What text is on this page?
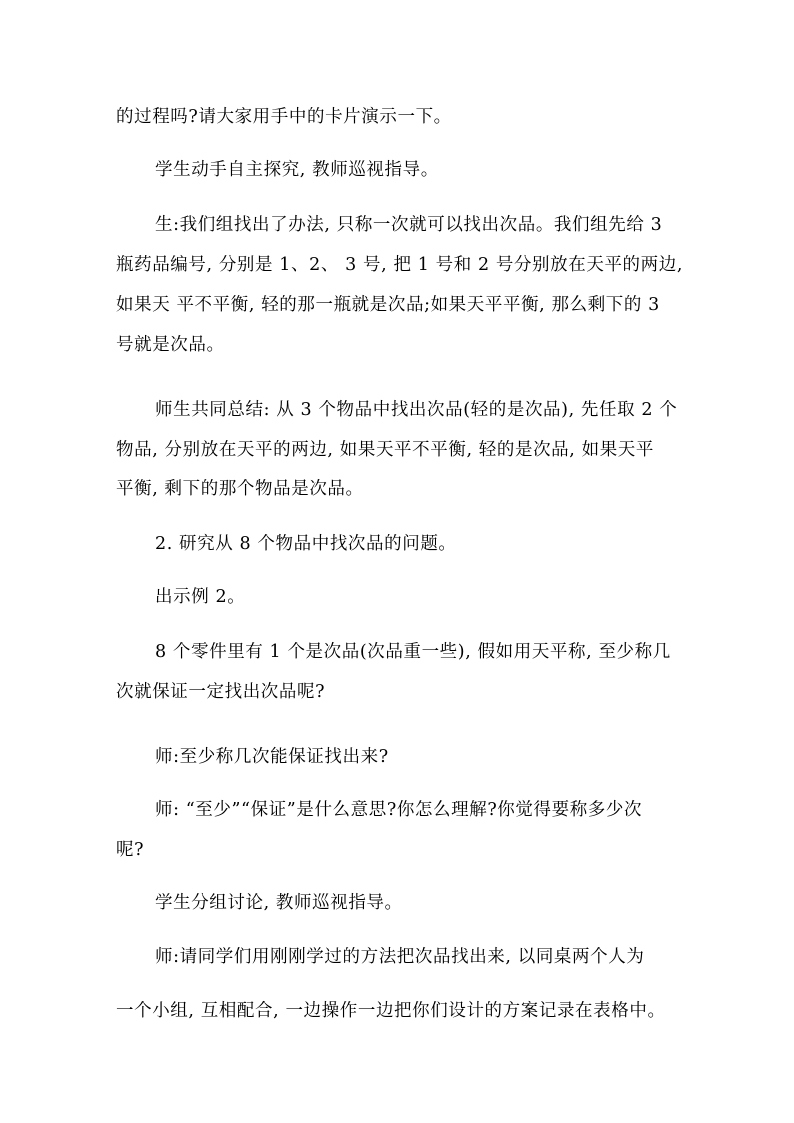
的过程吗?请大家用手中的卡片演示一下。

学生动手自主探究, 教师巡视指导。

生:我们组找出了办法, 只称一次就可以找出次品。我们组先给 3
瓶药品编号, 分别是 1、2、 3 号, 把 1 号和 2 号分别放在天平的两边,
如果天 平不平衡, 轻的那一瓶就是次品;如果天平平衡, 那么剩下的 3
号就是次品。

师生共同总结: 从 3 个物品中找出次品(轻的是次品), 先任取 2 个
物品, 分别放在天平的两边, 如果天平不平衡, 轻的是次品, 如果天平
平衡, 剩下的那个物品是次品。

2. 研究从 8 个物品中找次品的问题。

出示例 2。

8 个零件里有 1 个是次品(次品重一些), 假如用天平称, 至少称几
次就保证一定找出次品呢?

师:至少称几次能保证找出来?

师: “至少”“保证”是什么意思?你怎么理解?你觉得要称多少次
呢?

学生分组讨论, 教师巡视指导。

师:请同学们用刚刚学过的方法把次品找出来, 以同桌两个人为
一个小组, 互相配合, 一边操作一边把你们设计的方案记录在表格中。
